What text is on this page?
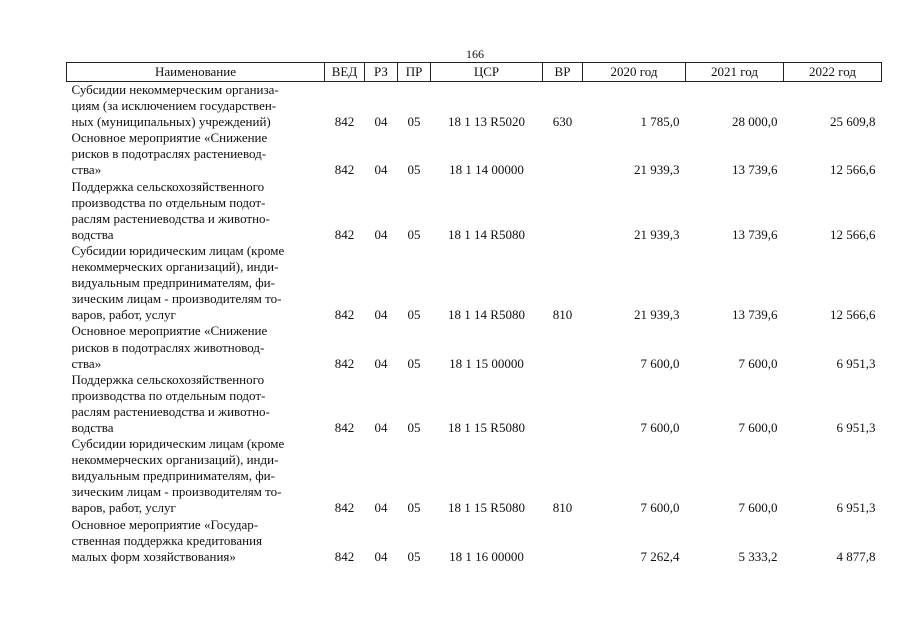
166
Наименование	ВЕД	РЗ	ПР	ЦСР	ВР	2020 год	2021 год	2022 год
Субсидии некоммерческим организа-
циям (за исключением государствен-
ных (муниципальных) учреждений)	842	04	05	18 1 13 R5020	630	1 785,0	28 000,0	25 609,8
Основное мероприятие «Снижение
рисков в подотраслях растениевод-
ства»	842	04	05	18 1 14 00000		21 939,3	13 739,6	12 566,6
Поддержка сельскохозяйственного
производства по отдельным подот-
раслям растениеводства и животно-
водства	842	04	05	18 1 14 R5080		21 939,3	13 739,6	12 566,6
Субсидии юридическим лицам (кроме
некоммерческих организаций), инди-
видуальным предпринимателям, фи-
зическим лицам - производителям то-
варов, работ, услуг	842	04	05	18 1 14 R5080	810	21 939,3	13 739,6	12 566,6
Основное мероприятие «Снижение
рисков в подотраслях животновод-
ства»	842	04	05	18 1 15 00000		7 600,0	7 600,0	6 951,3
Поддержка сельскохозяйственного
производства по отдельным подот-
раслям растениеводства и животно-
водства	842	04	05	18 1 15 R5080		7 600,0	7 600,0	6 951,3
Субсидии юридическим лицам (кроме
некоммерческих организаций), инди-
видуальным предпринимателям, фи-
зическим лицам - производителям то-
варов, работ, услуг	842	04	05	18 1 15 R5080	810	7 600,0	7 600,0	6 951,3
Основное мероприятие «Государ-
ственная поддержка кредитования
малых форм хозяйствования»	842	04	05	18 1 16 00000		7 262,4	5 333,2	4 877,8
